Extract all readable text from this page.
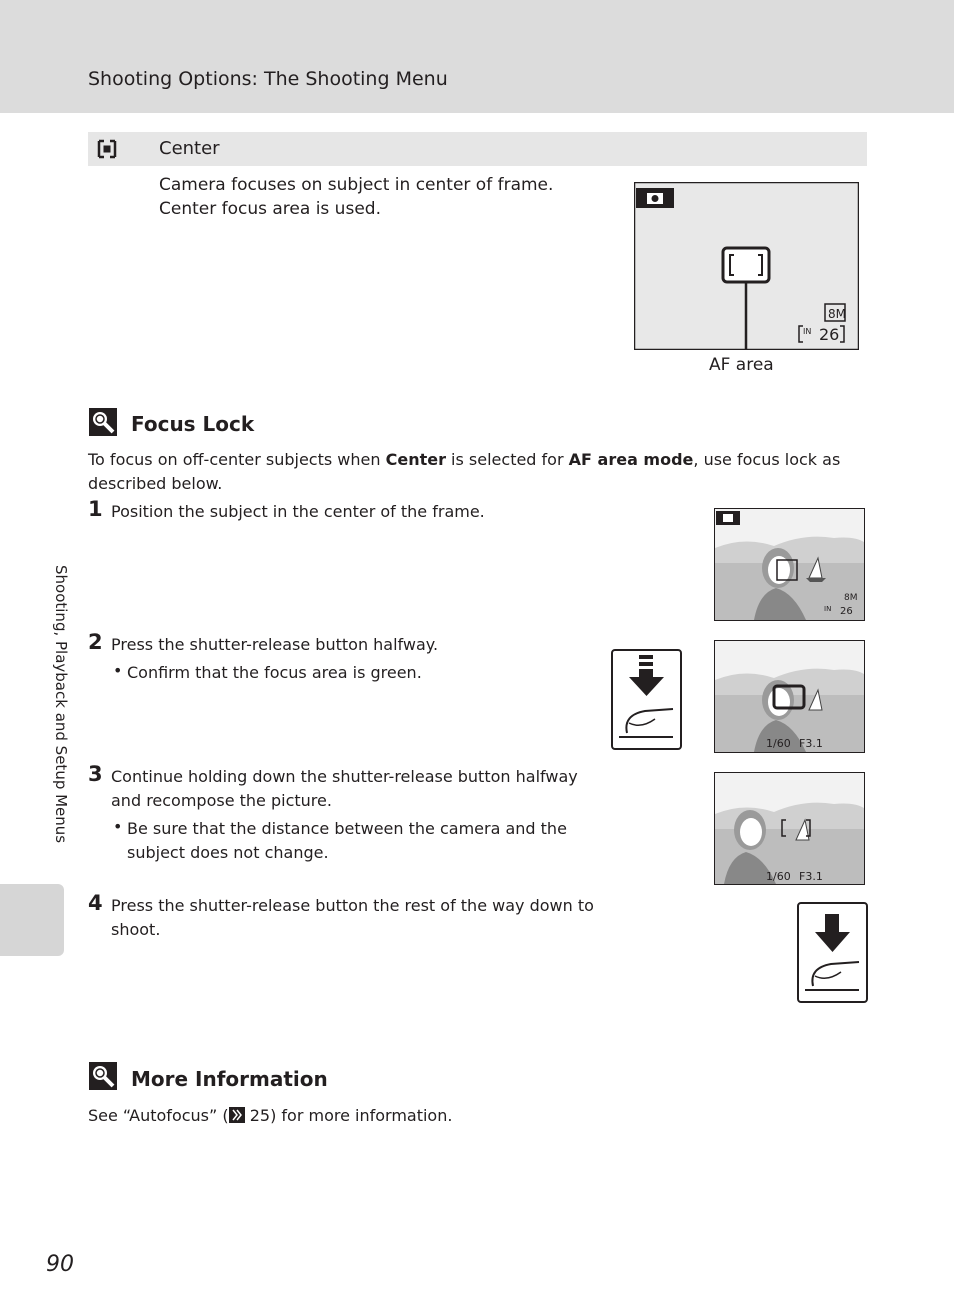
Shooting Options: The Shooting Menu
Center
Camera focuses on subject in center of frame.
Center focus area is used.
8M
IN 26
AF area
Focus Lock
To focus on off-center subjects when Center is selected for AF area mode, use focus lock as
described below.
1 Position the subject in the center of the frame.
2 Press the shutter-release button halfway.
• Confirm that the focus area is green.
3 Continue holding down the shutter-release button halfway
and recompose the picture.
• Be sure that the distance between the camera and the
subject does not change.
4 Press the shutter-release button the rest of the way down to
shoot.
8M
IN 26
1/60 F3.1
1/60 F3.1
More Information
See “Autofocus” ( 25) for more information.
Shooting, Playback and Setup Menus
90
